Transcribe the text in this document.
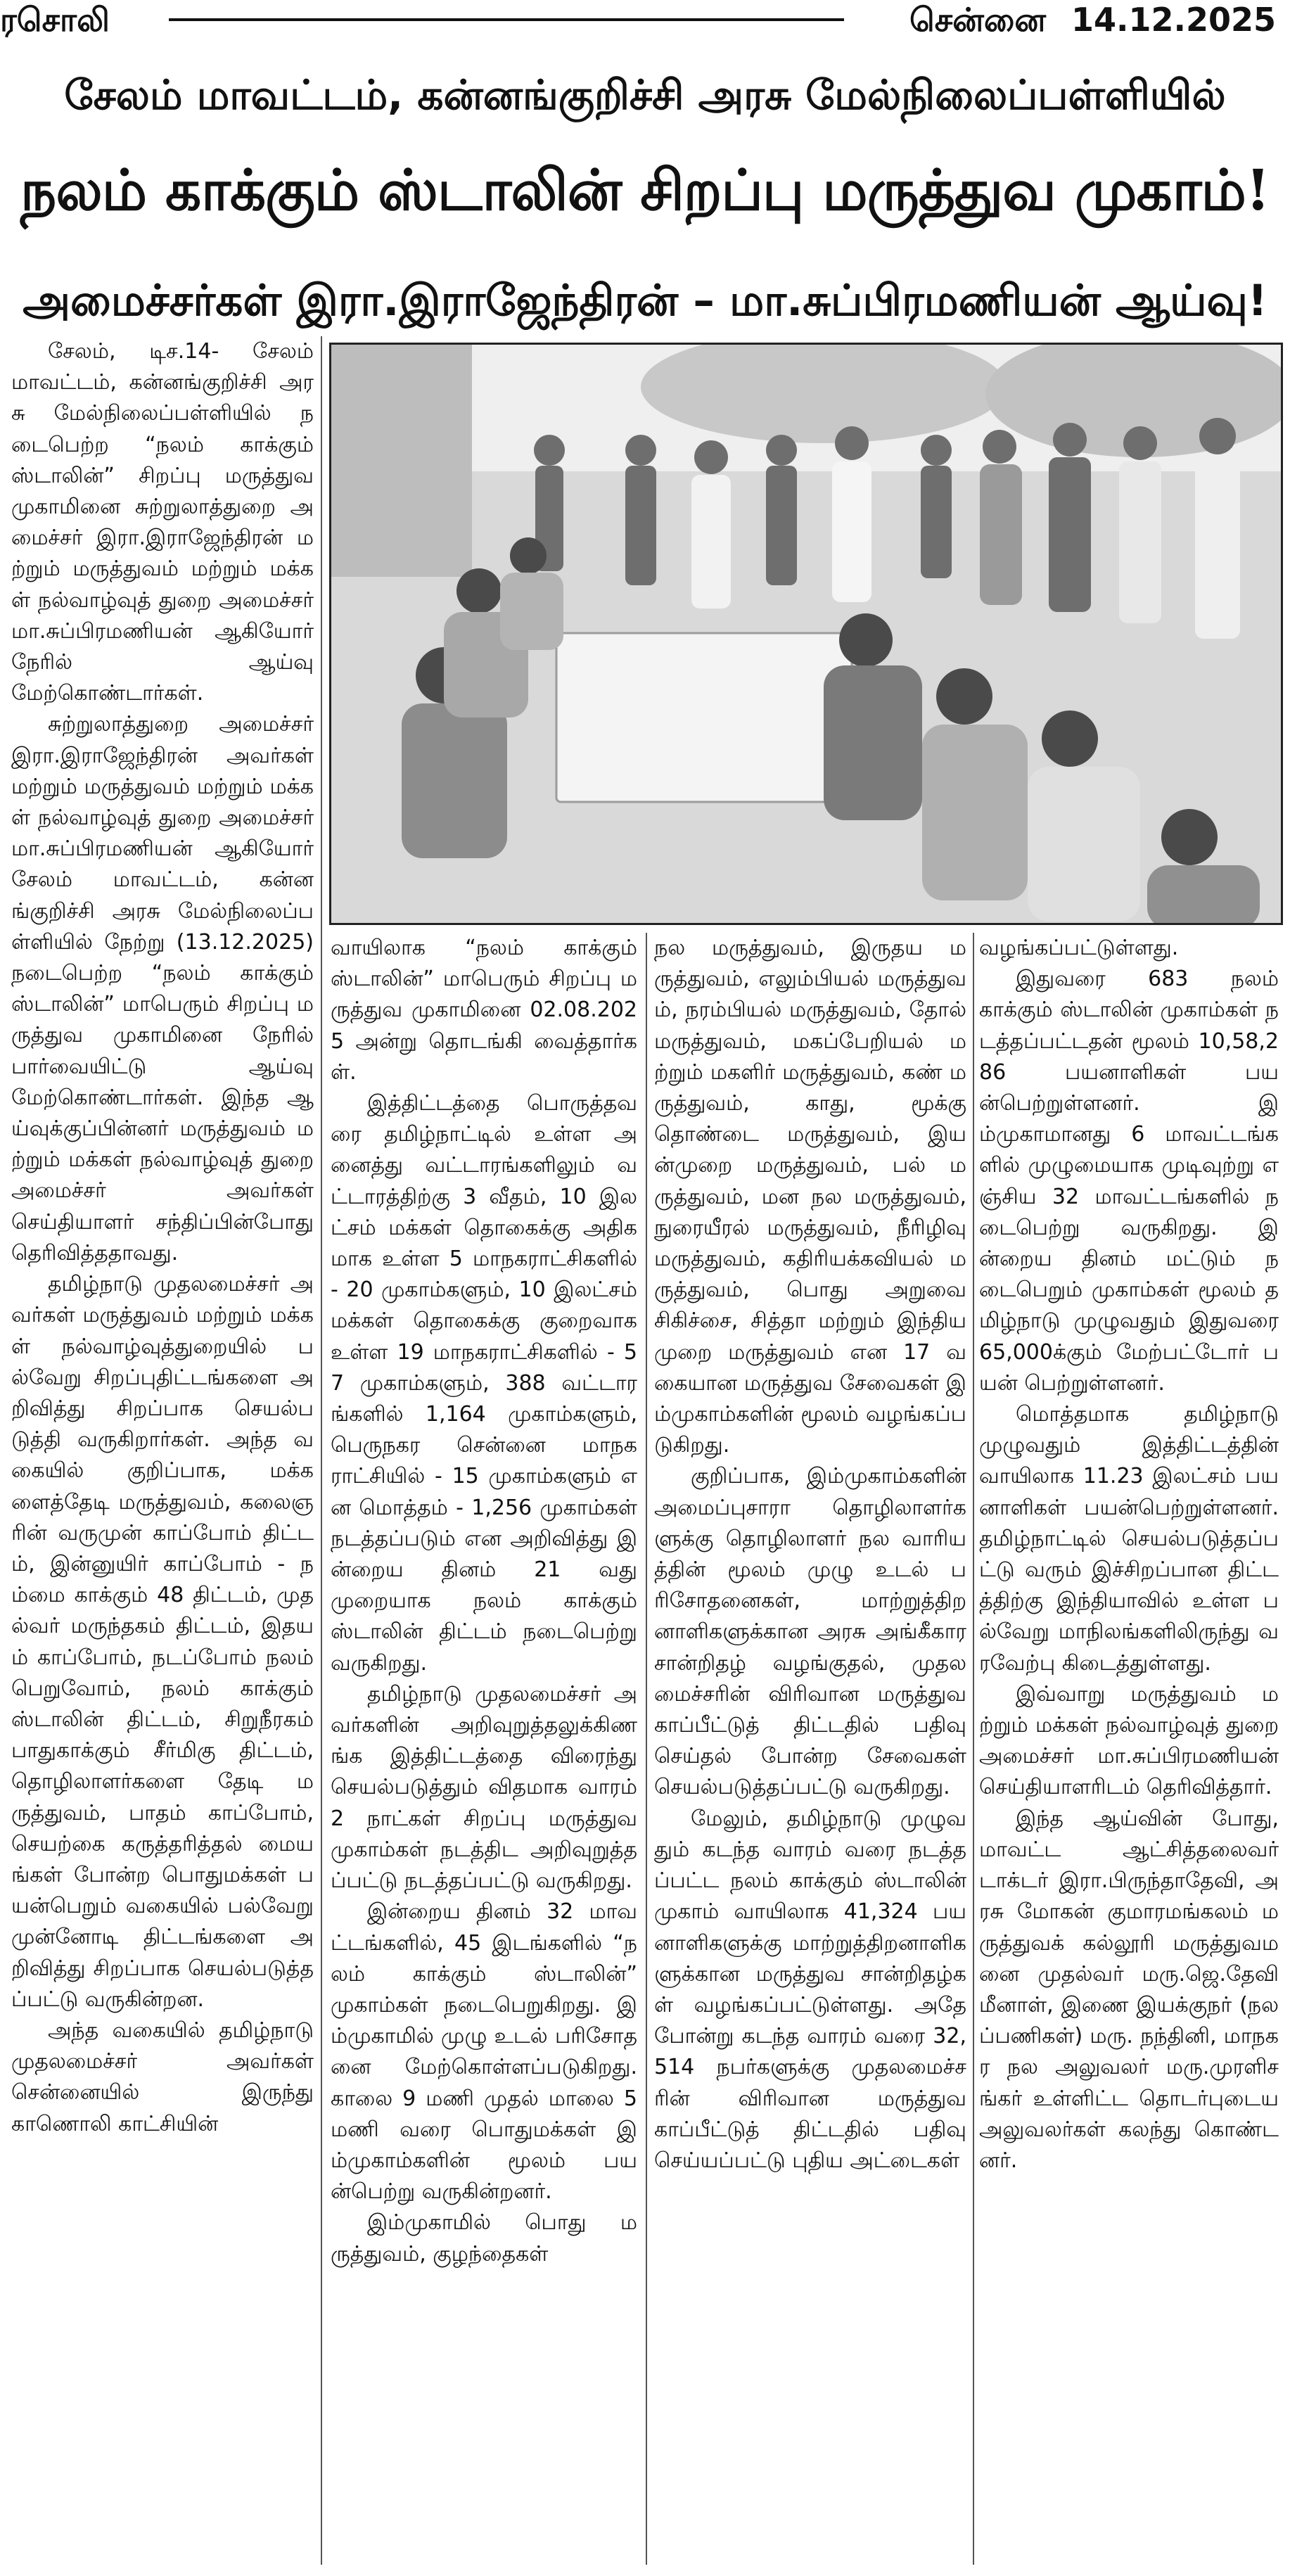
ரசொலி	சென்னை 14.12.2025
சேலம் மாவட்டம், கன்னங்குறிச்சி அரசு மேல்நிலைப்பள்ளியில்
நலம் காக்கும் ஸ்டாலின் சிறப்பு மருத்துவ முகாம்!
அமைச்சர்கள் இரா.இராஜேந்திரன் – மா.சுப்பிரமணியன் ஆய்வு!

சேலம், டிச.14- சேலம் மாவட்டம், கன்னங்குறிச்சி அரசு மேல்நிலைப்பள்ளியில் நடைபெற்ற “நலம் காக்கும் ஸ்டாலின்” சிறப்பு மருத்துவ முகாமினை சுற்றுலாத்துறை அமைச்சர் இரா.இராஜேந்திரன் மற்றும் மருத்துவம் மற்றும் மக்கள் நல்வாழ்வுத் துறை அமைச்சர் மா.சுப்பிரமணியன் ஆகியோர் நேரில் ஆய்வு மேற்கொண்டார்கள்.

சுற்றுலாத்துறை அமைச்சர் இரா.இராஜேந்திரன் அவர்கள் மற்றும் மருத்துவம் மற்றும் மக்கள் நல்வாழ்வுத் துறை அமைச்சர் மா.சுப்பிரமணியன் ஆகியோர் சேலம் மாவட்டம், கன்னங்குறிச்சி அரசு மேல்நிலைப்பள்ளியில் நேற்று (13.12.2025) நடைபெற்ற “நலம் காக்கும் ஸ்டாலின்” மாபெரும் சிறப்பு மருத்துவ முகாமினை நேரில் பார்வையிட்டு ஆய்வு மேற்கொண்டார்கள். இந்த ஆய்வுக்குப்பின்னர் மருத்துவம் மற்றும் மக்கள் நல்வாழ்வுத் துறை அமைச்சர் அவர்கள் செய்தியாளர் சந்திப்பின்போது தெரிவித்ததாவது.

தமிழ்நாடு முதலமைச்சர் அவர்கள் மருத்துவம் மற்றும் மக்கள் நல்வாழ்வுத்துறையில் பல்வேறு சிறப்புதிட்டங்களை அறிவித்து சிறப்பாக செயல்படுத்தி வருகிறார்கள். அந்த வகையில் குறிப்பாக, மக்களைத்தேடி மருத்துவம், கலைஞரின் வருமுன் காப்போம் திட்டம், இன்னுயிர் காப்போம் - நம்மை காக்கும் 48 திட்டம், முதல்வர் மருந்தகம் திட்டம், இதயம் காப்போம், நடப்போம் நலம் பெறுவோம், நலம் காக்கும் ஸ்டாலின் திட்டம், சிறுநீரகம் பாதுகாக்கும் சீர்மிகு திட்டம், தொழிலாளர்களை தேடி மருத்துவம், பாதம் காப்போம், செயற்கை கருத்தரித்தல் மையங்கள் போன்ற பொதுமக்கள் பயன்பெறும் வகையில் பல்வேறு முன்னோடி திட்டங்களை அறிவித்து சிறப்பாக செயல்படுத்தப்பட்டு வருகின்றன.

அந்த வகையில் தமிழ்நாடு முதலமைச்சர் அவர்கள் சென்னையில் இருந்து காணொலி காட்சியின்

வாயிலாக “நலம் காக்கும் ஸ்டாலின்” மாபெரும் சிறப்பு மருத்துவ முகாமினை 02.08.2025 அன்று தொடங்கி வைத்தார்கள்.

இத்திட்டத்தை பொருத்தவரை தமிழ்நாட்டில் உள்ள அனைத்து வட்டாரங்களிலும் வட்டாரத்திற்கு 3 வீதம், 10 இலட்சம் மக்கள் தொகைக்கு அதிகமாக உள்ள 5 மாநகராட்சிகளில் - 20 முகாம்களும், 10 இலட்சம் மக்கள் தொகைக்கு குறைவாக உள்ள 19 மாநகராட்சிகளில் - 57 முகாம்களும், 388 வட்டாரங்களில் 1,164 முகாம்களும், பெருநகர சென்னை மாநகராட்சியில் - 15 முகாம்களும் என மொத்தம் - 1,256 முகாம்கள் நடத்தப்படும் என அறிவித்து இன்றைய தினம் 21 வது முறையாக நலம் காக்கும் ஸ்டாலின் திட்டம் நடைபெற்று வருகிறது.

தமிழ்நாடு முதலமைச்சர் அவர்களின் அறிவுறுத்தலுக்கிணங்க இத்திட்டத்தை விரைந்து செயல்படுத்தும் விதமாக வாரம் 2 நாட்கள் சிறப்பு மருத்துவ முகாம்கள் நடத்திட அறிவுறுத்தப்பட்டு நடத்தப்பட்டு வருகிறது.

இன்றைய தினம் 32 மாவட்டங்களில், 45 இடங்களில் “நலம் காக்கும் ஸ்டாலின்” முகாம்கள் நடைபெறுகிறது. இம்முகாமில் முழு உடல் பரிசோதனை மேற்கொள்ளப்படுகிறது. காலை 9 மணி முதல் மாலை 5 மணி வரை பொதுமக்கள் இம்முகாம்களின் மூலம் பயன்பெற்று வருகின்றனர்.

இம்முகாமில் பொது மருத்துவம், குழந்தைகள்

நல மருத்துவம், இருதய மருத்துவம், எலும்பியல் மருத்துவம், நரம்பியல் மருத்துவம், தோல் மருத்துவம், மகப்பேறியல் மற்றும் மகளிர் மருத்துவம், கண் மருத்துவம், காது, மூக்கு தொண்டை மருத்துவம், இயன்முறை மருத்துவம், பல் மருத்துவம், மன நல மருத்துவம், நுரையீரல் மருத்துவம், நீரிழிவு மருத்துவம், கதிரியக்கவியல் மருத்துவம், பொது அறுவை சிகிச்சை, சித்தா மற்றும் இந்தியமுறை மருத்துவம் என 17 வகையான மருத்துவ சேவைகள் இம்முகாம்களின் மூலம் வழங்கப்படுகிறது.

குறிப்பாக, இம்முகாம்களின் அமைப்புசாரா தொழிலாளர்களுக்கு தொழிலாளர் நல வாரியத்தின் மூலம் முழு உடல் பரிசோதனைகள், மாற்றுத்திறனாளிகளுக்கான அரசு அங்கீகார சான்றிதழ் வழங்குதல், முதலமைச்சரின் விரிவான மருத்துவ காப்பீட்டுத் திட்டதில் பதிவு செய்தல் போன்ற சேவைகள் செயல்படுத்தப்பட்டு வருகிறது.

மேலும், தமிழ்நாடு முழுவதும் கடந்த வாரம் வரை நடத்தப்பட்ட நலம் காக்கும் ஸ்டாலின் முகாம் வாயிலாக 41,324 பயனாளிகளுக்கு மாற்றுத்திறனாளிகளுக்கான மருத்துவ சான்றிதழ்கள் வழங்கப்பட்டுள்ளது. அதே போன்று கடந்த வாரம் வரை 32,514 நபர்களுக்கு முதலமைச்சரின் விரிவான மருத்துவ காப்பீட்டுத் திட்டதில் பதிவு செய்யப்பட்டு புதிய அட்டைகள்

வழங்கப்பட்டுள்ளது.

இதுவரை 683 நலம் காக்கும் ஸ்டாலின் முகாம்கள் நடத்தப்பட்டதன் மூலம் 10,58,286 பயனாளிகள் பயன்பெற்றுள்ளனர். இம்முகாமானது 6 மாவட்டங்களில் முழுமையாக முடிவுற்று எஞ்சிய 32 மாவட்டங்களில் நடைபெற்று வருகிறது. இன்றைய தினம் மட்டும் நடைபெறும் முகாம்கள் மூலம் தமிழ்நாடு முழுவதும் இதுவரை 65,000க்கும் மேற்பட்டோர் பயன் பெற்றுள்ளனர்.

மொத்தமாக தமிழ்நாடு முழுவதும் இத்திட்டத்தின் வாயிலாக 11.23 இலட்சம் பயனாளிகள் பயன்பெற்றுள்ளனர். தமிழ்நாட்டில் செயல்படுத்தப்பட்டு வரும் இச்சிறப்பான திட்டத்திற்கு இந்தியாவில் உள்ள பல்வேறு மாநிலங்களிலிருந்து வரவேற்பு கிடைத்துள்ளது.

இவ்வாறு மருத்துவம் மற்றும் மக்கள் நல்வாழ்வுத் துறை அமைச்சர் மா.சுப்பிரமணியன் செய்தியாளரிடம் தெரிவித்தார்.

இந்த ஆய்வின் போது, மாவட்ட ஆட்சித்தலைவர் டாக்டர் இரா.பிருந்தாதேவி, அரசு மோகன் குமாரமங்கலம் மருத்துவக் கல்லூரி மருத்துவமனை முதல்வர் மரு.ஜெ.தேவி மீனாள், இணை இயக்குநர் (நலப்பணிகள்) மரு. நந்தினி, மாநகர நல அலுவலர் மரு.முரளிசங்கர் உள்ளிட்ட தொடர்புடைய அலுவலர்கள் கலந்து கொண்டனர்.
